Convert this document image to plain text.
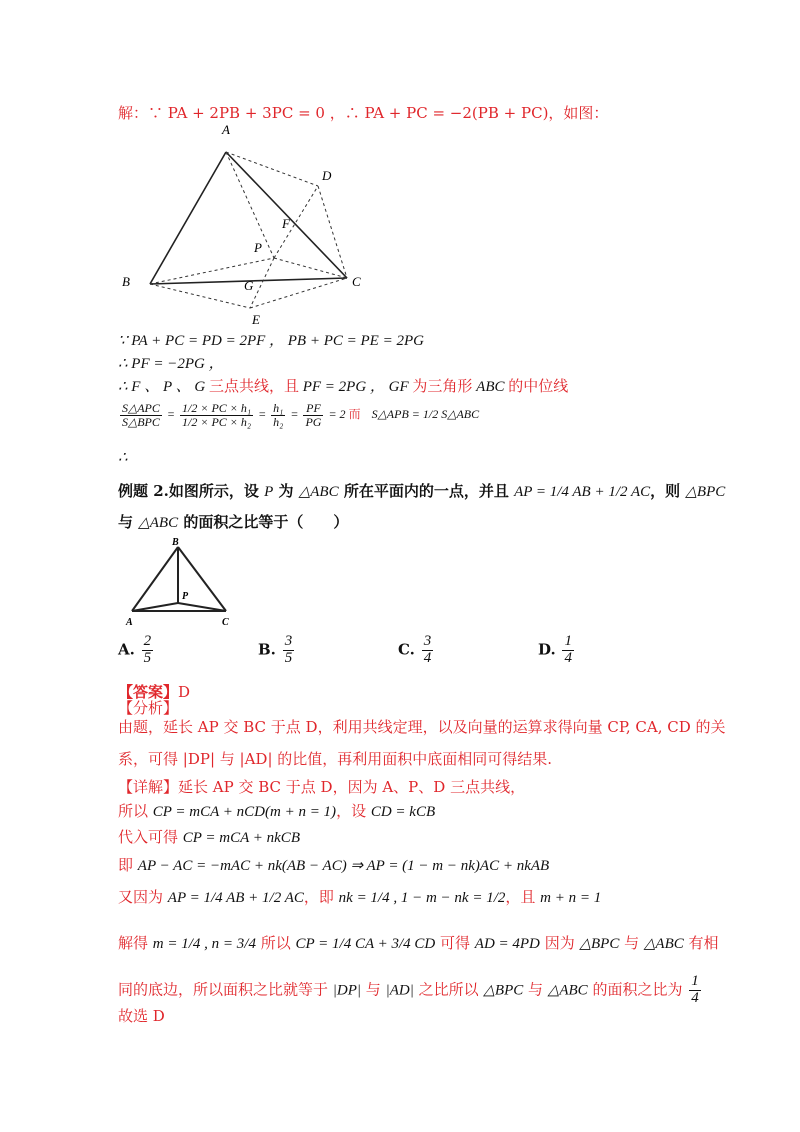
解：∵ PA + 2PB + 3PC = 0 ，∴ PA + PC = −2(PB + PC)，如图：
A
B	C
D
E
F
G
P
∵ PA + PC = PD = 2PF ， PB + PC = PE = 2PG
∴ PF = −2PG ，
∴ F 、 P 、 G 三点共线，且 PF = 2PG ， GF 为三角形 ABC 的中位线
$\frac{\text{S△APC}}{\text{S△BPC}} = \frac{\text{1/2 × PC × h₁}}{\text{1/2 × PC × h₂}} = \frac{\text{h₁}}{\text{h₂}} = \frac{PF}{PG} = 2$ 而 S△APB = 1/2 S△ABC
∴
例题 2.如图所示，设 P 为 △ABC 所在平面内的一点，并且 AP = 1/4 AB + 1/2 AC，则 △BPC
与 △ABC 的面积之比等于（　　）
B
P
A	C
A. $\frac{2}{5}$	B. $\frac{3}{5}$	C. $\frac{3}{4}$	D. $\frac{1}{4}$
【答案】D
【分析】
由题，延长 AP 交 BC 于点 D，利用共线定理，以及向量的运算求得向量 CP, CA, CD 的关
系，可得 |DP| 与 |AD| 的比值，再利用面积中底面相同可得结果.
【详解】延长 AP 交 BC 于点 D，因为 A、P、D 三点共线，
所以 CP = mCA + nCD(m + n = 1)，设 CD = kCB
代入可得 CP = mCA + nkCB
即 AP − AC = −mAC + nk(AB − AC) ⇒ AP = (1 − m − nk)AC + nkAB
又因为 AP = 1/4 AB + 1/2 AC，即 nk = 1/4 , 1 − m − nk = 1/2，且 m + n = 1
解得 m = 1/4 , n = 3/4 所以 CP = 1/4 CA + 3/4 CD 可得 AD = 4PD 因为 △BPC 与 △ABC 有相
同的底边，所以面积之比就等于 |DP| 与 |AD| 之比所以 △BPC 与 △ABC 的面积之比为 $\frac{1}{4}$
故选 D
